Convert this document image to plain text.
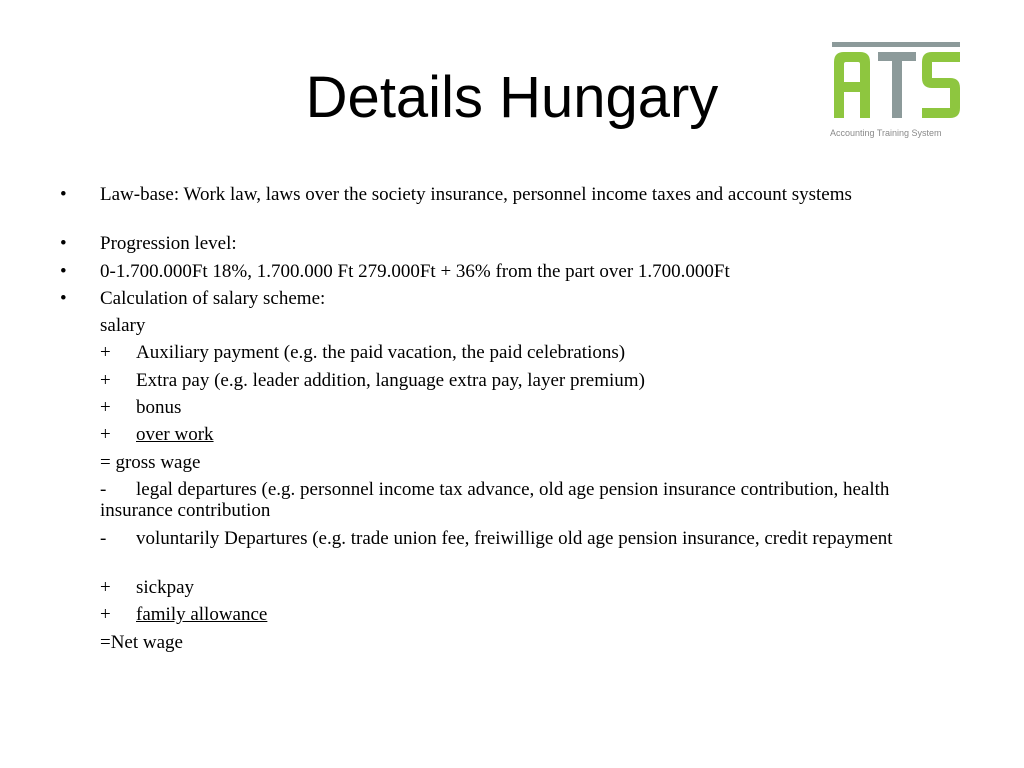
Details Hungary
Accounting Training System
• Law-base: Work law, laws over the society insurance, personnel income taxes and account systems
• Progression level:
• 0-1.700.000Ft 18%, 1.700.000 Ft 279.000Ft + 36% from the part over 1.700.000Ft
• Calculation of salary scheme:
salary
+ Auxiliary payment (e.g. the paid vacation, the paid celebrations)
+ Extra pay (e.g. leader addition, language extra pay, layer premium)
+ bonus
+ over work
= gross wage
- legal departures (e.g. personnel income tax advance, old age pension insurance contribution, health insurance contribution
- voluntarily Departures (e.g. trade union fee, freiwillige old age pension insurance, credit repayment
+ sickpay
+ family allowance
=Net wage
